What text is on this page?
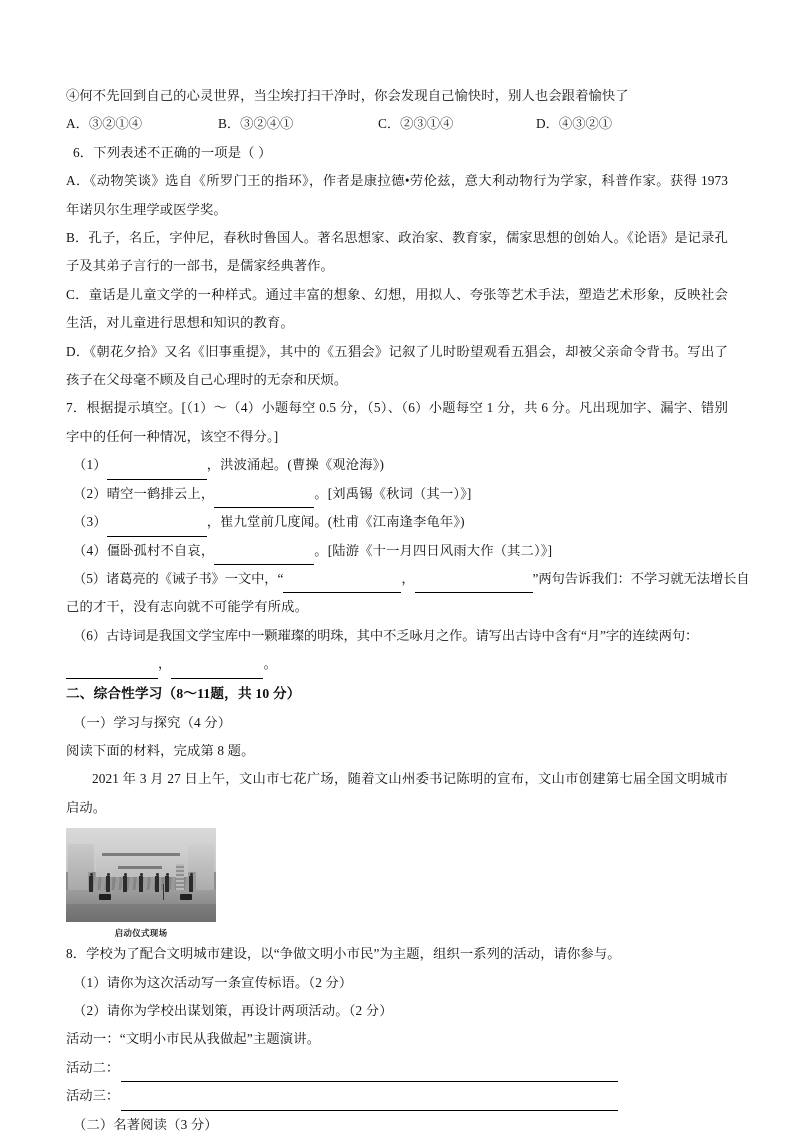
④何不先回到自己的心灵世界，当尘埃打扫干净时，你会发现自己愉快时，别人也会跟着愉快了
A．③②①④	B．③②④①	C．②③①④	D．④③②①
6．下列表述不正确的一项是（ ）
A．《动物笑谈》选自《所罗门王的指环》，作者是康拉德•劳伦兹，意大利动物行为学家，科普作家。获得 1973 年诺贝尔生理学或医学奖。
B．孔子，名丘，字仲尼，春秋时鲁国人。著名思想家、政治家、教育家，儒家思想的创始人。《论语》是记录孔子及其弟子言行的一部书，是儒家经典著作。
C．童话是儿童文学的一种样式。通过丰富的想象、幻想，用拟人、夸张等艺术手法，塑造艺术形象，反映社会生活，对儿童进行思想和知识的教育。
D．《朝花夕拾》又名《旧事重提》，其中的《五猖会》记叙了儿时盼望观看五猖会，却被父亲命令背书。写出了孩子在父母毫不顾及自己心理时的无奈和厌烦。
7．根据提示填空。[（1）～（4）小题每空 0.5 分，（5）、（6）小题每空 1 分，共 6 分。凡出现加字、漏字、错别字中的任何一种情况，该空不得分。]
（1）	，洪波涌起。(曹操《观沧海》)
（2）晴空一鹤排云上，	。[刘禹锡《秋词（其一）》]
（3）	，崔九堂前几度闻。(杜甫《江南逢李龟年》)
（4）僵卧孤村不自哀，	。[陆游《十一月四日风雨大作（其二）》]
（5）诸葛亮的《诫子书》一文中，“	，	”两句告诉我们：不学习就无法增长自
己的才干，没有志向就不可能学有所成。
（6）古诗词是我国文学宝库中一颗璀璨的明珠，其中不乏咏月之作。请写出古诗中含有“月”字的连续两句：
，	。
二、综合性学习（8～11题，共 10 分）
（一）学习与探究（4 分）
阅读下面的材料，完成第 8 题。
2021 年 3 月 27 日上午，文山市七花广场，随着文山州委书记陈明的宣布，文山市创建第七届全国文明城市启动。
启动仪式现场
8．学校为了配合文明城市建设，以“争做文明小市民”为主题，组织一系列的活动，请你参与。
（1）请你为这次活动写一条宣传标语。（2 分）
（2）请你为学校出谋划策，再设计两项活动。（2 分）
活动一：“文明小市民从我做起”主题演讲。
活动二：
活动三：
（二）名著阅读（3 分）
